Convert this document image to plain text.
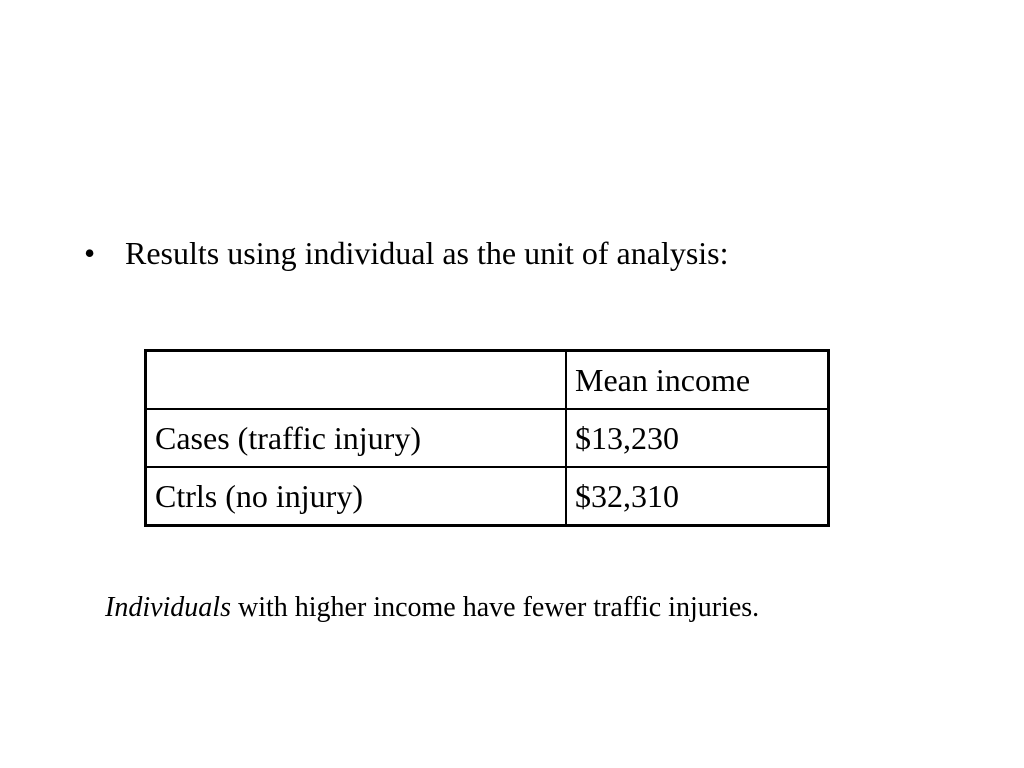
• Results using individual as the unit of analysis:
	Mean income
Cases (traffic injury)	$13,230
Ctrls (no injury)	$32,310
Individuals with higher income have fewer traffic injuries.
